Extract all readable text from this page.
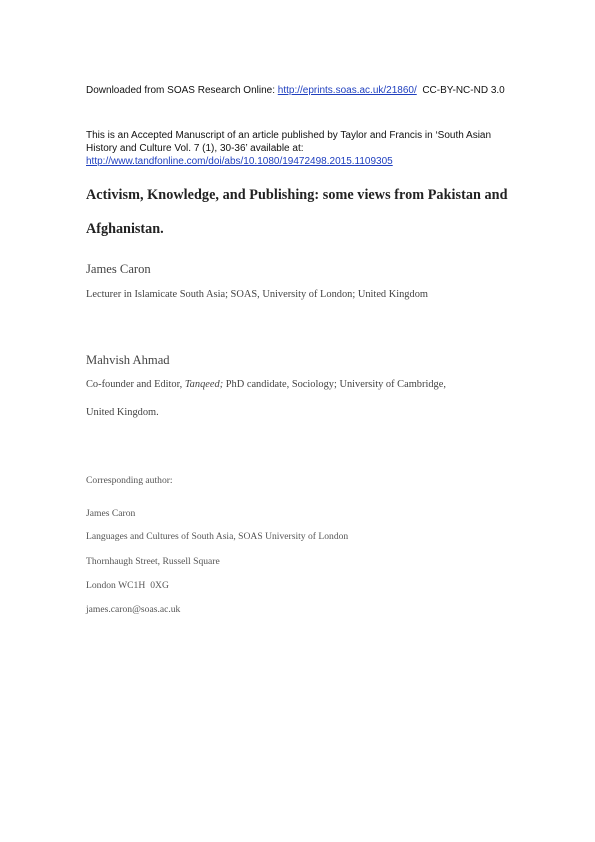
Downloaded from SOAS Research Online: http://eprints.soas.ac.uk/21860/ CC-BY-NC-ND 3.0
This is an Accepted Manuscript of an article published by Taylor and Francis in ‘South Asian History and Culture Vol. 7 (1), 30-36’ available at:
http://www.tandfonline.com/doi/abs/10.1080/19472498.2015.1109305
Activism, Knowledge, and Publishing: some views from Pakistan and
Afghanistan.
James Caron
Lecturer in Islamicate South Asia; SOAS, University of London; United Kingdom
Mahvish Ahmad
Co-founder and Editor, Tanqeed; PhD candidate, Sociology; University of Cambridge,
United Kingdom.
Corresponding author:
James Caron
Languages and Cultures of South Asia, SOAS University of London
Thornhaugh Street, Russell Square
London WC1H 0XG
james.caron@soas.ac.uk
